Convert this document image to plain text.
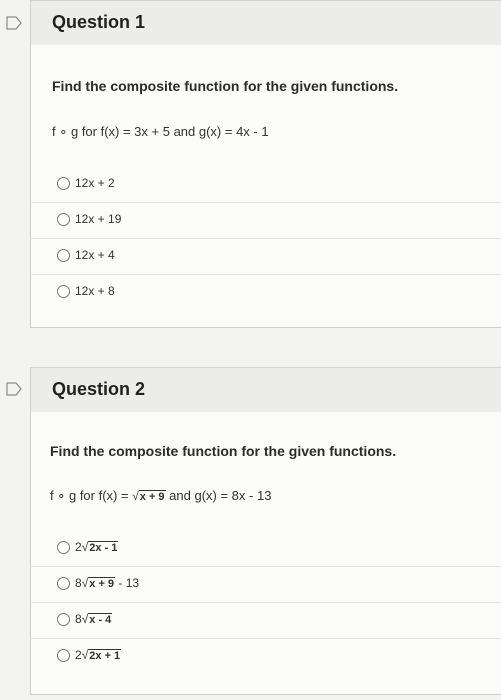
Question 1
Find the composite function for the given functions.
f ∘ g for f(x) = 3x + 5 and g(x) = 4x - 1
12x + 2
12x + 19
12x + 4
12x + 8
Question 2
Find the composite function for the given functions.
f ∘ g for f(x) = √x + 9 and g(x) = 8x - 13
2√2x - 1
8√x + 9 - 13
8√x - 4
2√2x + 1
